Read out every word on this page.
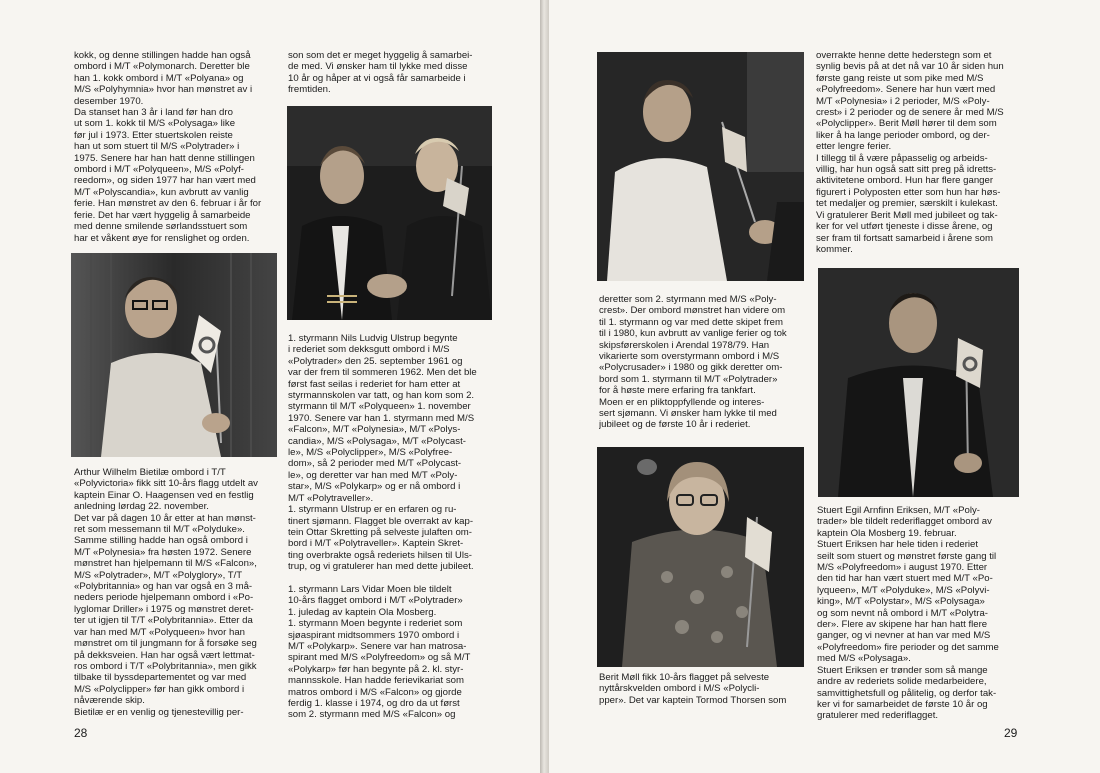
kokk, og denne stillingen hadde han også
ombord i M/T «Polymonarch. Deretter ble
han 1. kokk ombord i M/T «Polyana» og
M/S «Polyhymnia» hvor han mønstret av i
desember 1970.
Da stanset han 3 år i land før han dro
ut som 1. kokk til M/S «Polysaga» like
før jul i 1973. Etter stuertskolen reiste
han ut som stuert til M/S «Polytrader» i
1975. Senere har han hatt denne stillingen
ombord i M/T «Polyqueen», M/S «Polyf-
reedom», og siden 1977 har han vært med
M/T «Polyscandia», kun avbrutt av vanlig
ferie. Han mønstret av den 6. februar i år for
ferie. Det har vært hyggelig å samarbeide
med denne smilende sørlandsstuert som
har et våkent øye for renslighet og orden.
Arthur Wilhelm Bietilæ ombord i T/T
«Polyvictoria» fikk sitt 10-års flagg utdelt av
kaptein Einar O. Haagensen ved en festlig
anledning lørdag 22. november.
Det var på dagen 10 år etter at han mønst-
ret som messemann til M/T «Polyduke».
Samme stilling hadde han også ombord i
M/T «Polynesia» fra høsten 1972. Senere
mønstret han hjelpemann til M/S «Falcon»,
M/S «Polytrader», M/T «Polyglory», T/T
«Polybritannia» og han var også en 3 må-
neders periode hjelpemann ombord i «Po-
lyglomar Driller» i 1975 og mønstret deret-
ter ut igjen til T/T «Polybritannia». Etter da
var han med M/T «Polyqueen» hvor han
mønstret om til jungmann for å forsøke seg
på dekksveien. Han har også vært lettmat-
ros ombord i T/T «Polybritannia», men gikk
tilbake til byssdepartementet og var med
M/S «Polyclipper» før han gikk ombord i
nåværende skip.
Bietilæ er en venlig og tjenestevillig per-
son som det er meget hyggelig å samarbei-
de med. Vi ønsker ham til lykke med disse
10 år og håper at vi også får samarbeide i
fremtiden.
1. styrmann Nils Ludvig Ulstrup begynte
i rederiet som dekksgutt ombord i M/S
«Polytrader» den 25. september 1961 og
var der frem til sommeren 1962. Men det ble
først fast seilas i rederiet for ham etter at
styrmannskolen var tatt, og han kom som 2.
styrmann til M/T «Polyqueen» 1. november
1970. Senere var han 1. styrmann med M/S
«Falcon», M/T «Polynesia», M/T «Polys-
candia», M/S «Polysaga», M/T «Polycast-
le», M/S «Polyclipper», M/S «Polyfree-
dom», så 2 perioder med M/T «Polycast-
le», og deretter var han med M/T «Poly-
star», M/S «Polykarp» og er nå ombord i
M/T «Polytraveller».
1. styrmann Ulstrup er en erfaren og ru-
tinert sjømann. Flagget ble overrakt av kap-
tein Ottar Skretting på selveste julaften om-
bord i M/T «Polytraveller». Kaptein Skret-
ting overbrakte også rederiets hilsen til Uls-
trup, og vi gratulerer han med dette jubileet.

1. styrmann Lars Vidar Moen ble tildelt
10-års flagget ombord i M/T «Polytrader»
1. juledag av kaptein Ola Mosberg.
1. styrmann Moen begynte i rederiet som
sjøaspirant midtsommers 1970 ombord i
M/T «Polykarp». Senere var han matrosa-
spirant med M/S «Polyfreedom» og så M/T
«Polykarp» før han begynte på 2. kl. styr-
mannsskole. Han hadde ferievikariat som
matros ombord i M/S «Falcon» og gjorde
ferdig 1. klasse i 1974, og dro da ut først
som 2. styrmann med M/S «Falcon» og
28
overrakte henne dette hederstegn som et
synlig bevis på at det nå var 10 år siden hun
første gang reiste ut som pike med M/S
«Polyfreedom». Senere har hun vært med
M/T «Polynesia» i 2 perioder, M/S «Poly-
crest» i 2 perioder og de senere år med M/S
«Polyclipper». Berit Møll hører til dem som
liker å ha lange perioder ombord, og der-
etter lengre ferier.
I tillegg til å være påpasselig og arbeids-
villig, har hun også satt sitt preg på idretts-
aktivitetene ombord. Hun har flere ganger
figurert i Polyposten etter som hun har høs-
tet medaljer og premier, særskilt i kulekast.
Vi gratulerer Berit Møll med jubileet og tak-
ker for vel utført tjeneste i disse årene, og
ser fram til fortsatt samarbeid i årene som
kommer.
deretter som 2. styrmann med M/S «Poly-
crest». Der ombord mønstret han videre om
til 1. styrmann og var med dette skipet frem
til i 1980, kun avbrutt av vanlige ferier og tok
skipsførerskolen i Arendal 1978/79. Han
vikarierte som overstyrmann ombord i M/S
«Polycrusader» i 1980 og gikk deretter om-
bord som 1. styrmann til M/T «Polytrader»
for å høste mere erfaring fra tankfart.
Moen er en pliktoppfyllende og interes-
sert sjømann. Vi ønsker ham lykke til med
jubileet og de første 10 år i rederiet.
Berit Møll fikk 10-års flagget på selveste
nyttårskvelden ombord i M/S «Polycli-
pper». Det var kaptein Tormod Thorsen som
Stuert Egil Arnfinn Eriksen, M/T «Poly-
trader» ble tildelt rederiflagget ombord av
kaptein Ola Mosberg 19. februar.
Stuert Eriksen har hele tiden i rederiet
seilt som stuert og mønstret første gang til
M/S «Polyfreedom» i august 1970. Etter
den tid har han vært stuert med M/T «Po-
lyqueen», M/T «Polyduke», M/S «Polyvi-
king», M/T «Polystar», M/S «Polysaga»
og som nevnt nå ombord i M/T «Polytra-
der». Flere av skipene har han hatt flere
ganger, og vi nevner at han var med M/S
«Polyfreedom» fire perioder og det samme
med M/S «Polysaga».
Stuert Eriksen er trønder som så mange
andre av rederiets solide medarbeidere,
samvittighetsfull og pålitelig, og derfor tak-
ker vi for samarbeidet de første 10 år og
gratulerer med rederiflagget.
29
